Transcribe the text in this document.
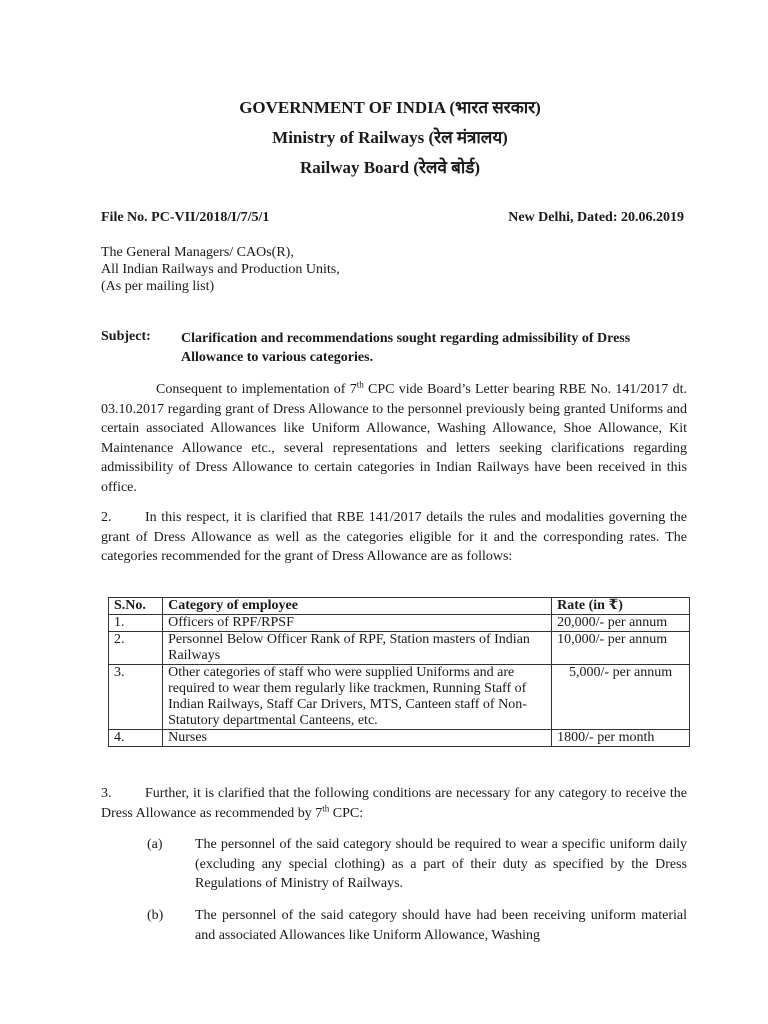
GOVERNMENT OF INDIA (भारत सरकार)
Ministry of Railways (रेल मंत्रालय)
Railway Board (रेलवे बोर्ड)
File No. PC-VII/2018/I/7/5/1	New Delhi, Dated: 20.06.2019
The General Managers/ CAOs(R),
All Indian Railways and Production Units,
(As per mailing list)
Subject: Clarification and recommendations sought regarding admissibility of Dress Allowance to various categories.
Consequent to implementation of 7th CPC vide Board’s Letter bearing RBE No. 141/2017 dt. 03.10.2017 regarding grant of Dress Allowance to the personnel previously being granted Uniforms and certain associated Allowances like Uniform Allowance, Washing Allowance, Shoe Allowance, Kit Maintenance Allowance etc., several representations and letters seeking clarifications regarding admissibility of Dress Allowance to certain categories in Indian Railways have been received in this office.
2. In this respect, it is clarified that RBE 141/2017 details the rules and modalities governing the grant of Dress Allowance as well as the categories eligible for it and the corresponding rates. The categories recommended for the grant of Dress Allowance are as follows:
S.No.	Category of employee	Rate (in ₹)
1.	Officers of RPF/RPSF	20,000/- per annum
2.	Personnel Below Officer Rank of RPF, Station masters of Indian Railways	10,000/- per annum
3.	Other categories of staff who were supplied Uniforms and are required to wear them regularly like trackmen, Running Staff of Indian Railways, Staff Car Drivers, MTS, Canteen staff of Non-Statutory departmental Canteens, etc.	5,000/- per annum
4.	Nurses	1800/- per month
3. Further, it is clarified that the following conditions are necessary for any category to receive the Dress Allowance as recommended by 7th CPC:
(a) The personnel of the said category should be required to wear a specific uniform daily (excluding any special clothing) as a part of their duty as specified by the Dress Regulations of Ministry of Railways.
(b) The personnel of the said category should have had been receiving uniform material and associated Allowances like Uniform Allowance, Washing
